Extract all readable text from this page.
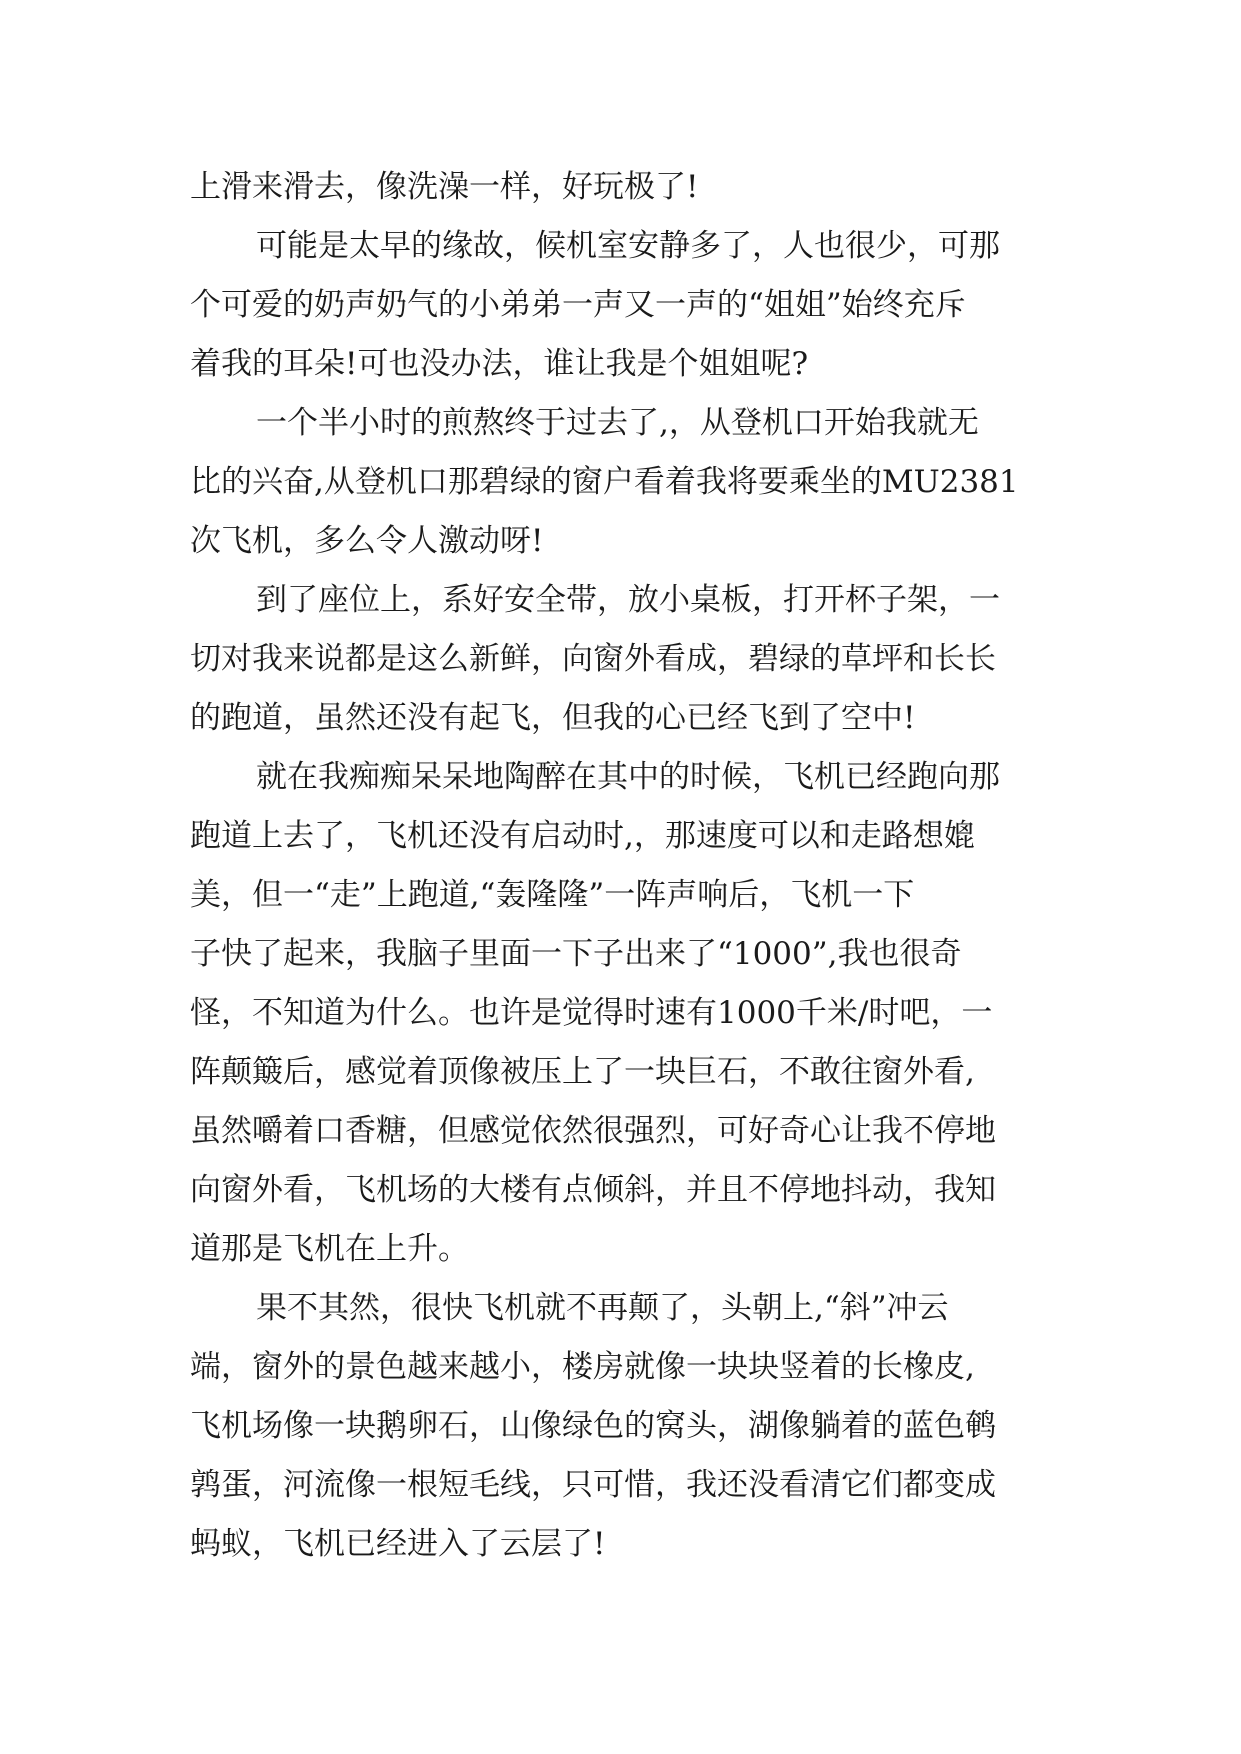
上滑来滑去，像洗澡一样，好玩极了!
可能是太早的缘故，候机室安静多了，人也很少，可那
个可爱的奶声奶气的小弟弟一声又一声的“姐姐”始终充斥
着我的耳朵!可也没办法，谁让我是个姐姐呢?
一个半小时的煎熬终于过去了,，从登机口开始我就无
比的兴奋,从登机口那碧绿的窗户看着我将要乘坐的MU2381
次飞机，多么令人激动呀!
到了座位上，系好安全带，放小桌板，打开杯子架，一
切对我来说都是这么新鲜，向窗外看成，碧绿的草坪和长长
的跑道，虽然还没有起飞，但我的心已经飞到了空中!
就在我痴痴呆呆地陶醉在其中的时候，飞机已经跑向那
跑道上去了，飞机还没有启动时,，那速度可以和走路想媲
美，但一“走”上跑道,“轰隆隆”一阵声响后，飞机一下
子快了起来，我脑子里面一下子出来了“1000”,我也很奇
怪，不知道为什么。也许是觉得时速有1000千米/时吧，一
阵颠簸后，感觉着顶像被压上了一块巨石，不敢往窗外看,
虽然嚼着口香糖，但感觉依然很强烈，可好奇心让我不停地
向窗外看，飞机场的大楼有点倾斜，并且不停地抖动，我知
道那是飞机在上升。
果不其然，很快飞机就不再颠了，头朝上,“斜”冲云
端，窗外的景色越来越小，楼房就像一块块竖着的长橡皮,
飞机场像一块鹅卵石，山像绿色的窝头，湖像躺着的蓝色鹌
鹑蛋，河流像一根短毛线，只可惜，我还没看清它们都变成
蚂蚁，飞机已经进入了云层了!
